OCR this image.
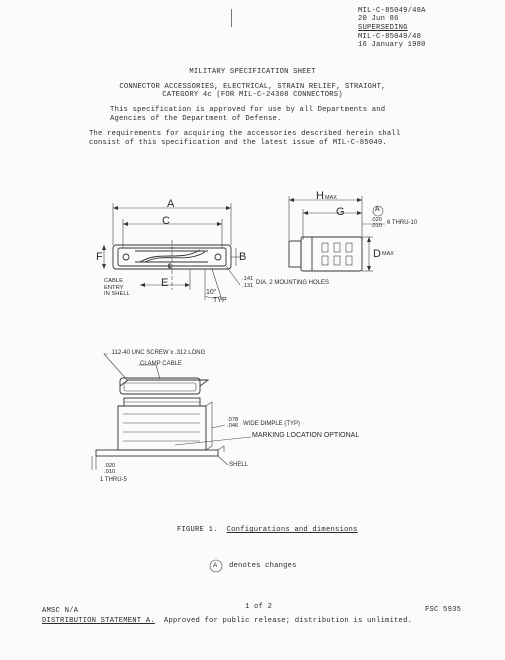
MIL-C-85049/48A
20 Jun 86
SUPERSEDING
MIL-C-85049/48
16 January 1980
MILITARY SPECIFICATION SHEET
CONNECTOR ACCESSORIES, ELECTRICAL, STRAIN RELIEF, STRAIGHT,
CATEGORY 4c (FOR MIL-C-24308 CONNECTORS)
This specification is approved for use by all Departments and
Agencies of the Department of Defense.
The requirements for acquiring the accessories described herein shall
consist of this specification and the latest issue of MIL-C-85049.
A
C
F	B
E
℄
CABLE
ENTRY
IN SHELL
.141
.131 DIA. 2 MOUNTING HOLES
10°
TYP
H MAX
G	A
.020
.010 6 THRU-10
D MAX
.112-40 UNC SCREW x .312 LONG
CLAMP CABLE
.078
.046 WIDE DIMPLE (TYP)
MARKING LOCATION OPTIONAL
SHELL
.020
.010
1 THRU-5
FIGURE 1. Configurations and dimensions
A denotes changes
AMSC N/A	1 of 2	FSC 5935
DISTRIBUTION STATEMENT A. Approved for public release; distribution is unlimited.
